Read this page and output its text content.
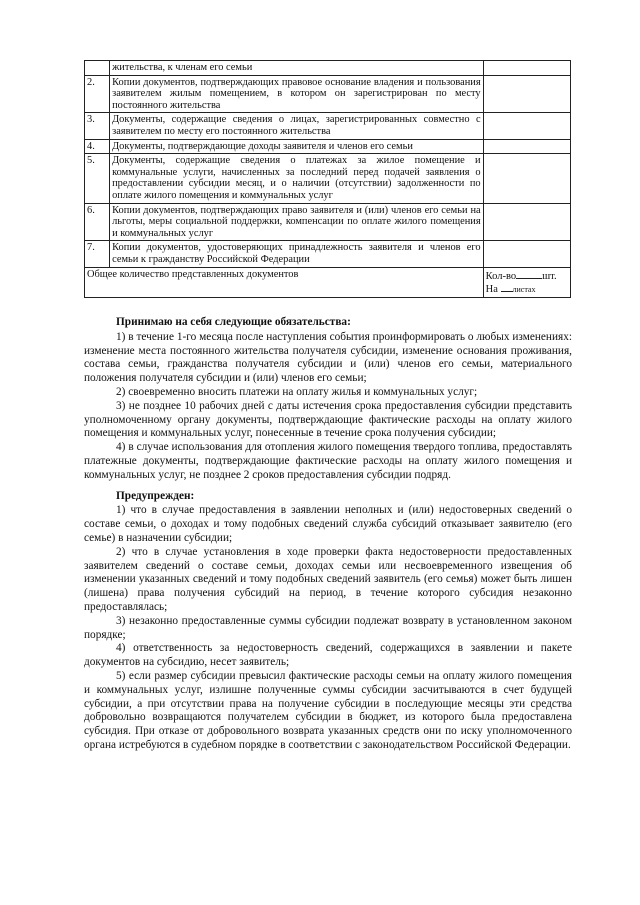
	жительства, к членам его семьи	
2.	Копии документов, подтверждающих правовое основание владения и пользования заявителем жилым помещением, в котором он зарегистрирован по месту постоянного жительства	
3.	Документы, содержащие сведения о лицах, зарегистрированных совместно с заявителем по месту его постоянного жительства	
4.	Документы, подтверждающие доходы заявителя и членов его семьи	
5.	Документы, содержащие сведения о платежах за жилое помещение и коммунальные услуги, начисленных за последний перед подачей заявления о предоставлении субсидии месяц, и о наличии (отсутствии) задолженности по оплате жилого помещения и коммунальных услуг	
6.	Копии документов, подтверждающих право заявителя и (или) членов его семьи на льготы, меры социальной поддержки, компенсации по оплате жилого помещения и коммунальных услуг	
7.	Копии документов, удостоверяющих принадлежность заявителя и членов его семьи к гражданству Российской Федерации	
Общее количество представленных документов		Кол-во шт.
На листах

Принимаю на себя следующие обязательства:

1) в течение 1-го месяца после наступления события проинформировать о любых изменениях: изменение места постоянного жительства получателя субсидии, изменение основания проживания, состава семьи, гражданства получателя субсидии и (или) членов его семьи, материального положения получателя субсидии и (или) членов его семьи;

2) своевременно вносить платежи на оплату жилья и коммунальных услуг;

3) не позднее 10 рабочих дней с даты истечения срока предоставления субсидии представить уполномоченному органу документы, подтверждающие фактические расходы на оплату жилого помещения и коммунальных услуг, понесенные в течение срока получения субсидии;

4) в случае использования для отопления жилого помещения твердого топлива, предоставлять платежные документы, подтверждающие фактические расходы на оплату жилого помещения и коммунальных услуг, не позднее 2 сроков предоставления субсидии подряд.

Предупрежден:

1) что в случае предоставления в заявлении неполных и (или) недостоверных сведений о составе семьи, о доходах и тому подобных сведений служба субсидий отказывает заявителю (его семье) в назначении субсидии;

2) что в случае установления в ходе проверки факта недостоверности предоставленных заявителем сведений о составе семьи, доходах семьи или несвоевременного извещения об изменении указанных сведений и тому подобных сведений заявитель (его семья) может быть лишен (лишена) права получения субсидий на период, в течение которого субсидия незаконно предоставлялась;

3) незаконно предоставленные суммы субсидии подлежат возврату в установленном законом порядке;

4) ответственность за недостоверность сведений, содержащихся в заявлении и пакете документов на субсидию, несет заявитель;

5) если размер субсидии превысил фактические расходы семьи на оплату жилого помещения и коммунальных услуг, излишне полученные суммы субсидии засчитываются в счет будущей субсидии, а при отсутствии права на получение субсидии в последующие месяцы эти средства добровольно возвращаются получателем субсидии в бюджет, из которого была предоставлена субсидия. При отказе от добровольного возврата указанных средств они по иску уполномоченного органа истребуются в судебном порядке в соответствии с законодательством Российской Федерации.
